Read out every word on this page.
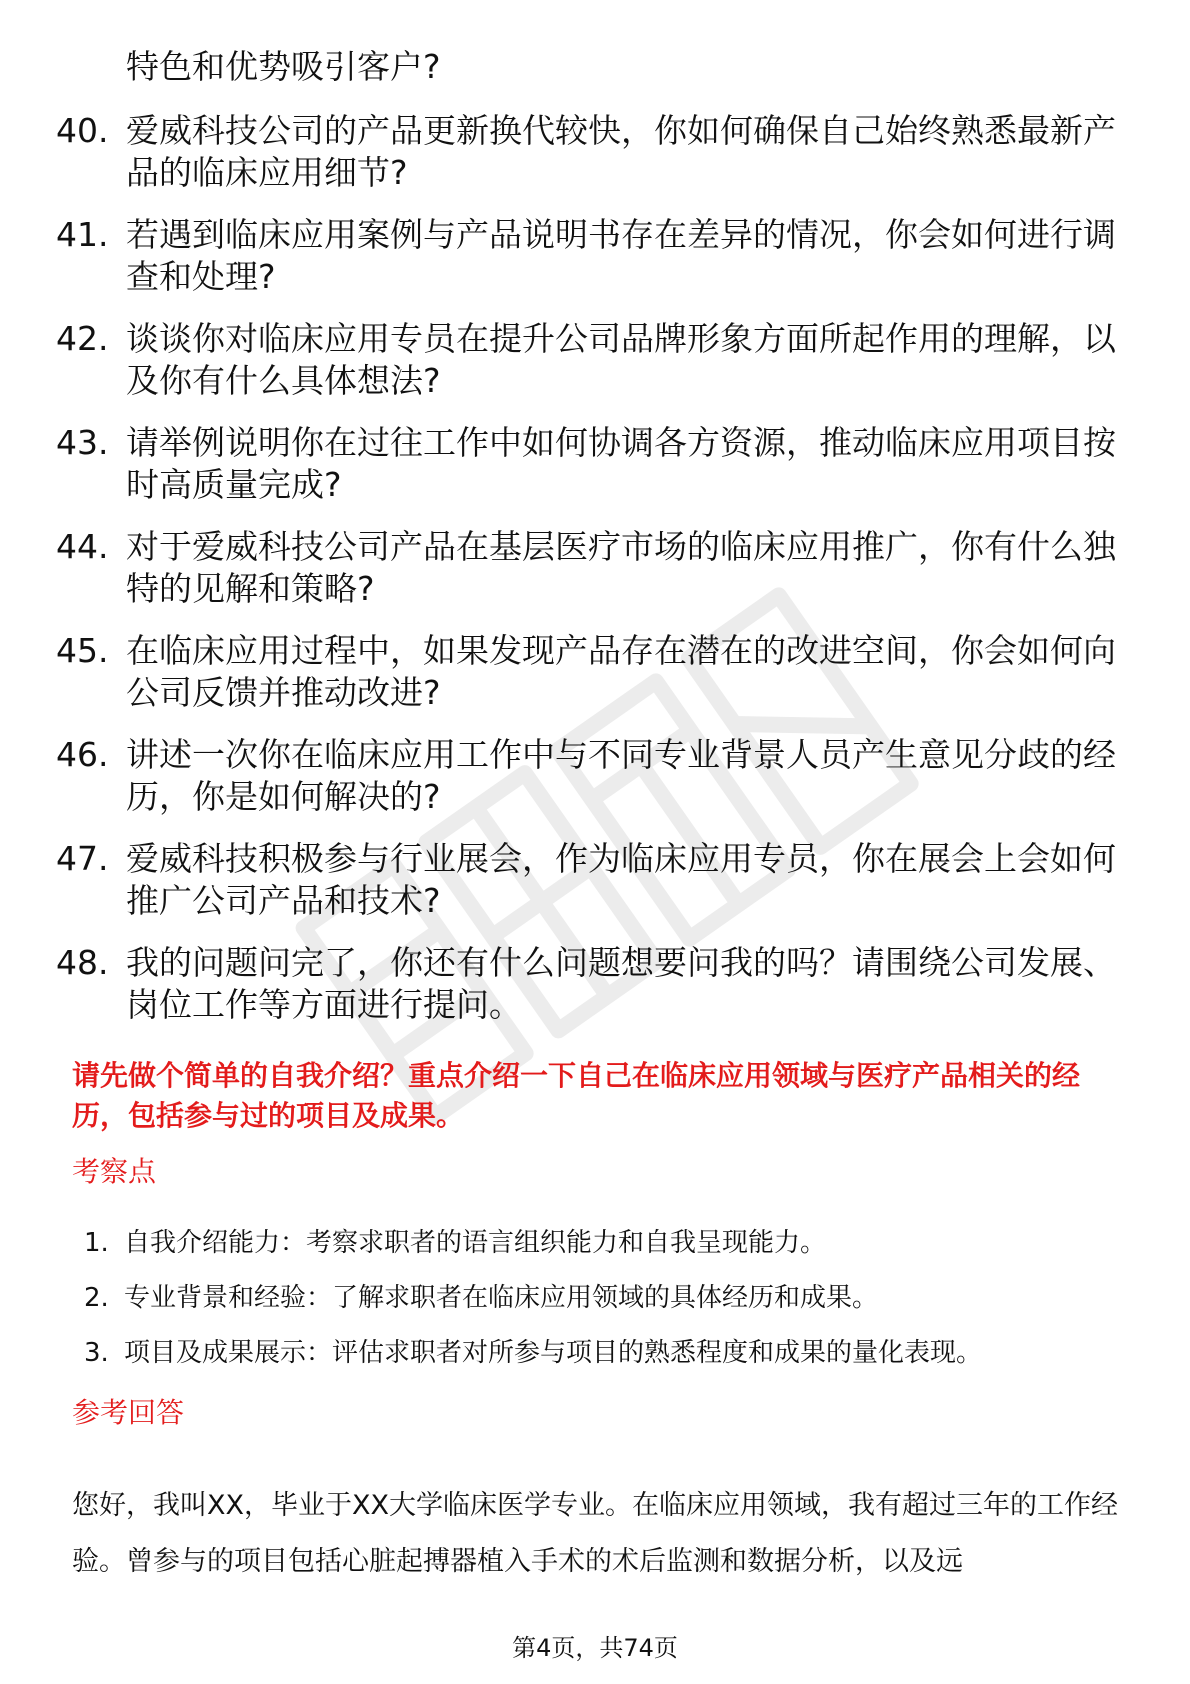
特色和优势吸引客户?
40. 爱威科技公司的产品更新换代较快，你如何确保自己始终熟悉最新产品的临床应用细节?
41. 若遇到临床应用案例与产品说明书存在差异的情况，你会如何进行调查和处理?
42. 谈谈你对临床应用专员在提升公司品牌形象方面所起作用的理解，以及你有什么具体想法?
43. 请举例说明你在过往工作中如何协调各方资源，推动临床应用项目按时高质量完成?
44. 对于爱威科技公司产品在基层医疗市场的临床应用推广，你有什么独特的见解和策略?
45. 在临床应用过程中，如果发现产品存在潜在的改进空间，你会如何向公司反馈并推动改进?
46. 讲述一次你在临床应用工作中与不同专业背景人员产生意见分歧的经历，你是如何解决的?
47. 爱威科技积极参与行业展会，作为临床应用专员，你在展会上会如何推广公司产品和技术?
48. 我的问题问完了，你还有什么问题想要问我的吗？请围绕公司发展、岗位工作等方面进行提问。
请先做个简单的自我介绍？重点介绍一下自己在临床应用领域与医疗产品相关的经历，包括参与过的项目及成果。
考察点
1. 自我介绍能力：考察求职者的语言组织能力和自我呈现能力。
2. 专业背景和经验：了解求职者在临床应用领域的具体经历和成果。
3. 项目及成果展示：评估求职者对所参与项目的熟悉程度和成果的量化表现。
参考回答
您好，我叫XX，毕业于XX大学临床医学专业。在临床应用领域，我有超过三年的工作经验。曾参与的项目包括心脏起搏器植入手术的术后监测和数据分析，以及远
第4页，共74页
